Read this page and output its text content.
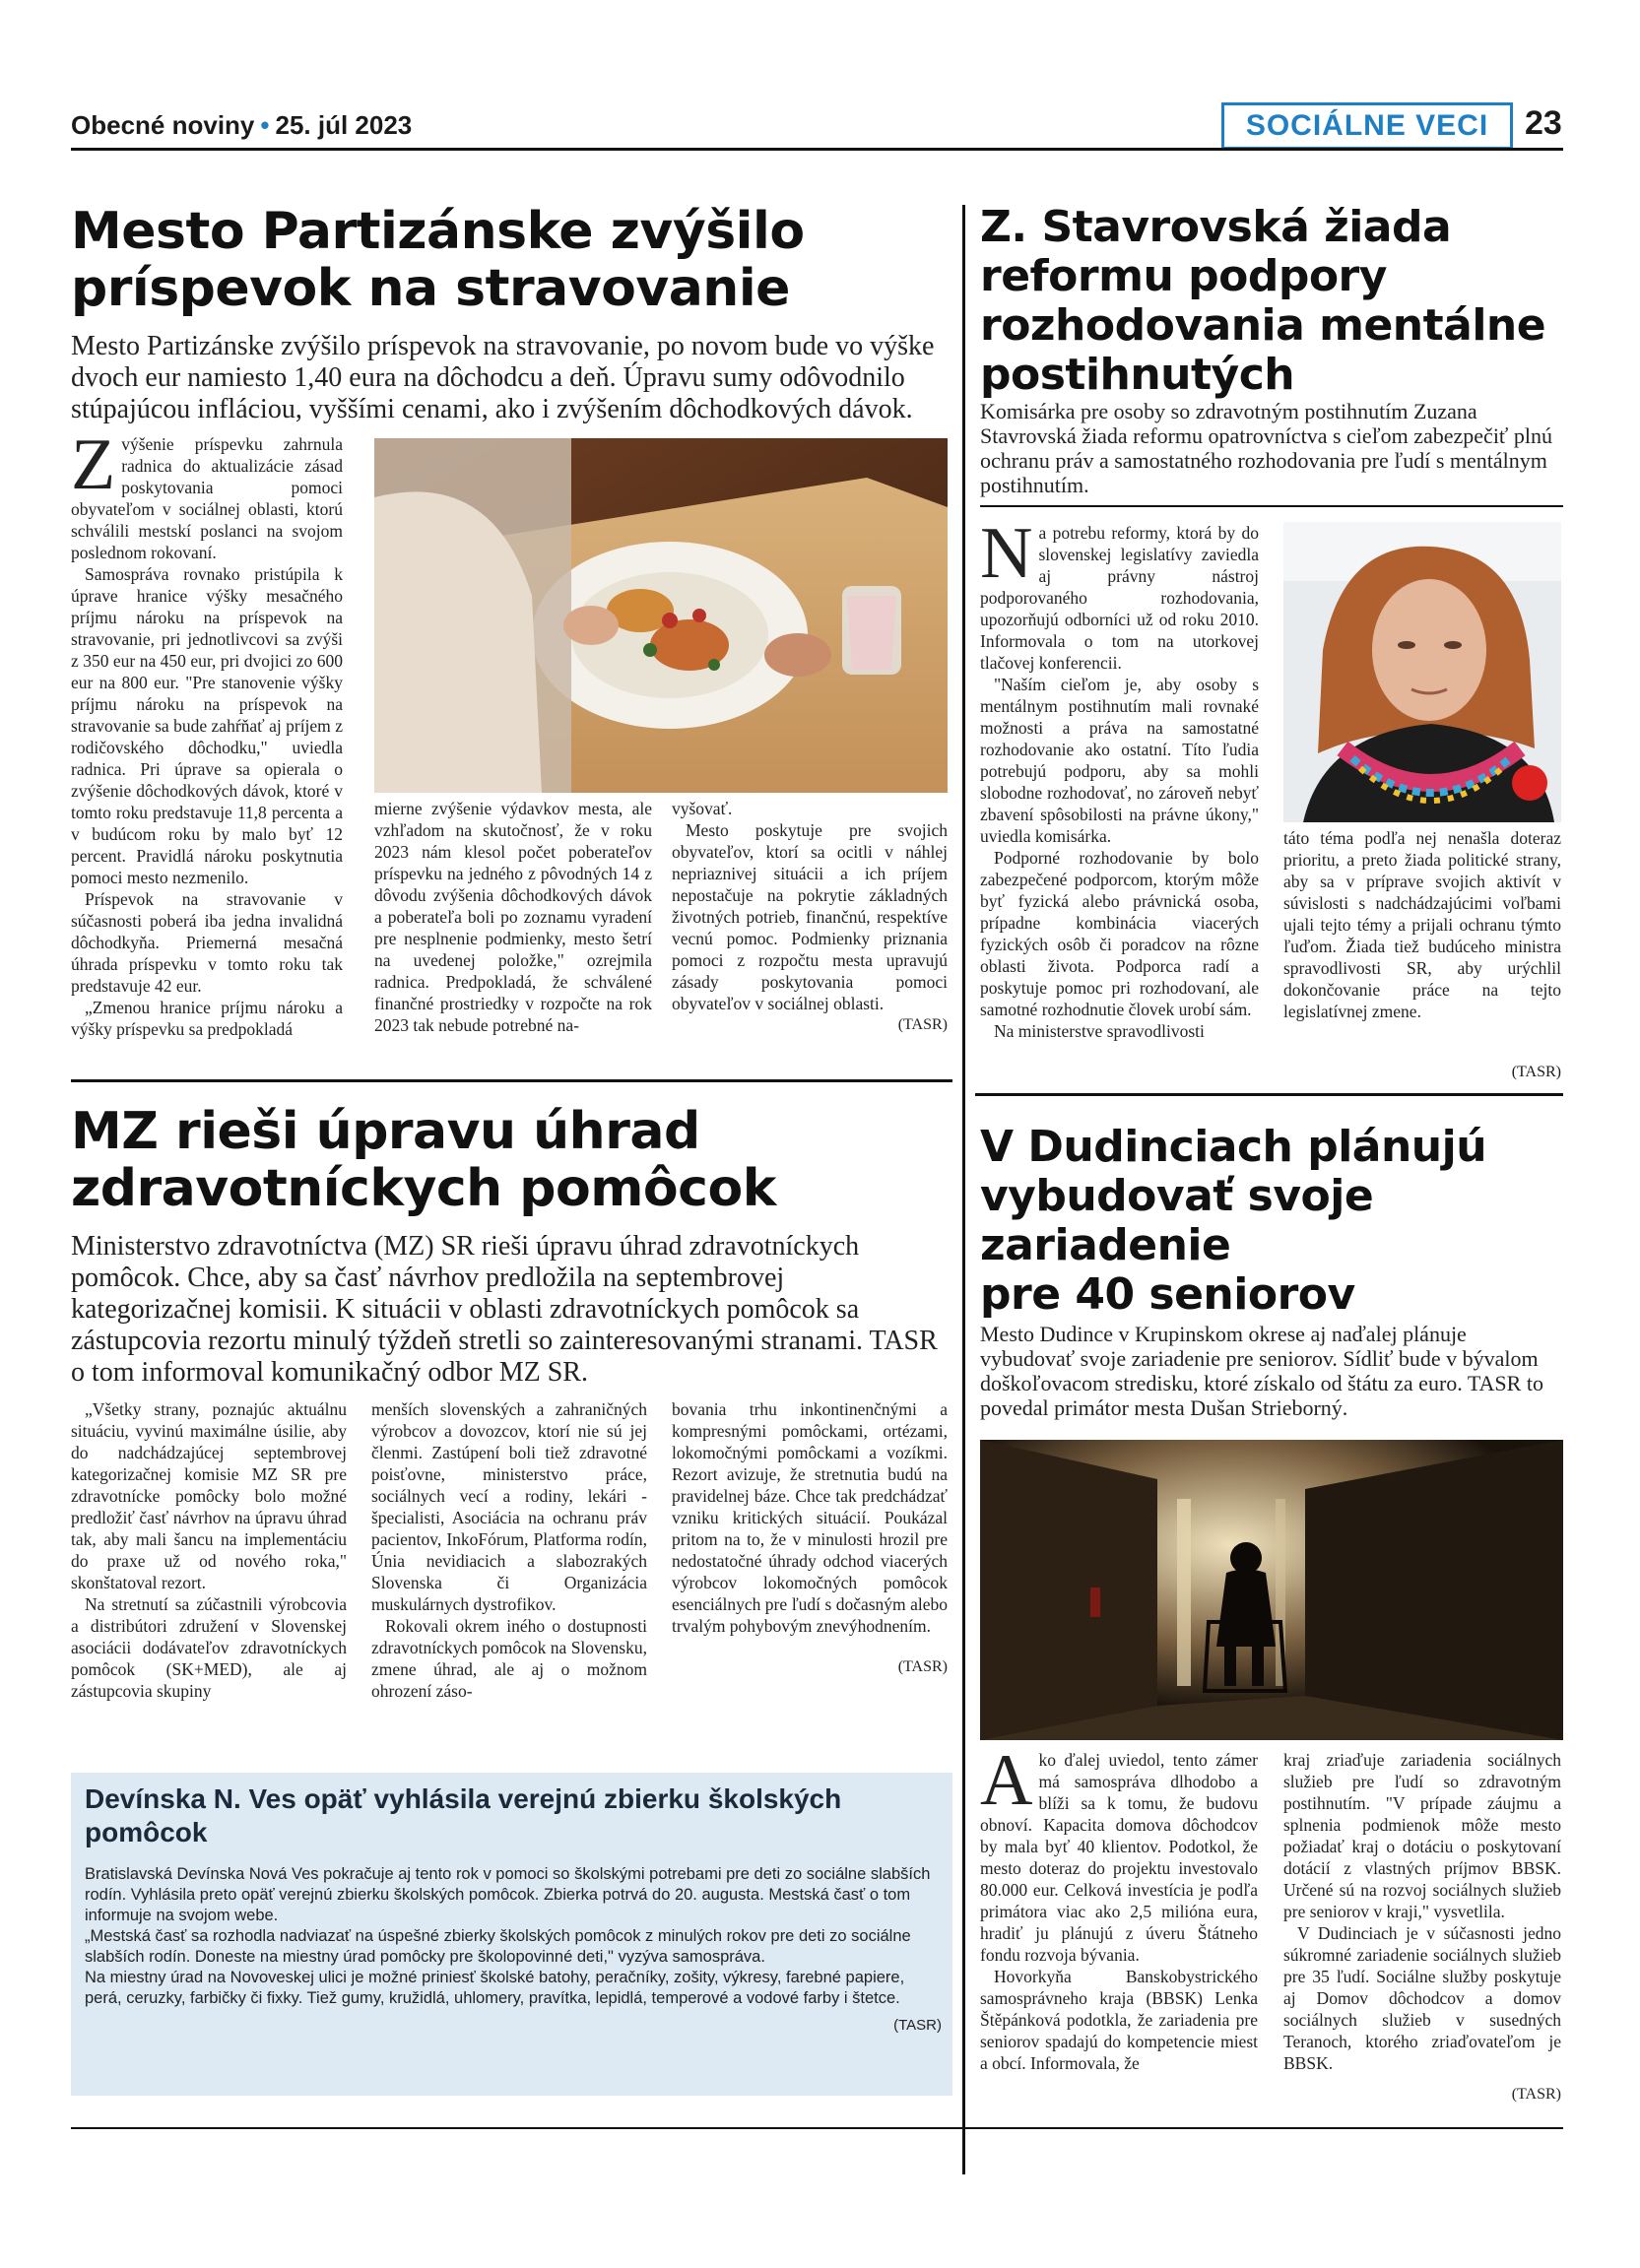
Obecné noviny • 25. júl 2023	SOCIÁLNE VECI	23
Mesto Partizánske zvýšilo
príspevok na stravovanie
Mesto Partizánske zvýšilo príspevok na stravovanie, po novom bude vo výške dvoch eur namiesto 1,40 eura na dôchodcu a deň. Úpravu sumy odôvodnilo stúpajúcou infláciou, vyššími cenami, ako i zvýšením dôchodkových dávok.

Zvýšenie príspevku zahrnula radnica do aktualizácie zásad poskytovania pomoci obyvateľom v sociálnej oblasti, ktorú schválili mestskí poslanci na svojom poslednom rokovaní.

Samospráva rovnako pristúpila k úprave hranice výšky mesačného príjmu nároku na príspevok na stravovanie, pri jednotlivcovi sa zvýši z 350 eur na 450 eur, pri dvojici zo 600 eur na 800 eur. "Pre stanovenie výšky príjmu nároku na príspevok na stravovanie sa bude zahŕňať aj príjem z rodičovského dôchodku," uviedla radnica. Pri úprave sa opierala o zvýšenie dôchodkových dávok, ktoré v tomto roku predstavuje 11,8 percenta a v budúcom roku by malo byť 12 percent. Pravidlá nároku poskytnutia pomoci mesto nezmenilo.

Príspevok na stravovanie v súčasnosti poberá iba jedna invalidná dôchodkyňa. Priemerná mesačná úhrada príspevku v tomto roku tak predstavuje 42 eur.

„Zmenou hranice príjmu nároku a výšky príspevku sa predpokladá

mierne zvýšenie výdavkov mesta, ale vzhľadom na skutočnosť, že v roku 2023 nám klesol počet poberateľov príspevku na jedného z pôvodných 14 z dôvodu zvýšenia dôchodkových dávok a poberateľa boli po zoznamu vyradení pre nesplnenie podmienky, mesto šetrí na uvedenej položke," ozrejmila radnica. Predpokladá, že schválené finančné prostriedky v rozpočte na rok 2023 tak nebude potrebné na-

vyšovať.

Mesto poskytuje pre svojich obyvateľov, ktorí sa ocitli v náhlej nepriaznivej situácii a ich príjem nepostačuje na pokrytie základných životných potrieb, finančnú, respektíve vecnú pomoc. Podmienky priznania pomoci z rozpočtu mesta upravujú zásady poskytovania pomoci obyvateľov v sociálnej oblasti.

(TASR)
Z. Stavrovská žiada
reformu podpory
rozhodovania mentálne
postihnutých
Komisárka pre osoby so zdravotným postihnutím Zuzana Stavrovská žiada reformu opatrovníctva s cieľom zabezpečiť plnú ochranu práv a samostatného rozhodovania pre ľudí s mentálnym postihnutím.

Na potrebu reformy, ktorá by do slovenskej legislatívy zaviedla aj právny nástroj podporovaného rozhodovania, upozorňujú odborníci už od roku 2010. Informovala o tom na utorkovej tlačovej konferencii.

"Naším cieľom je, aby osoby s mentálnym postihnutím mali rovnaké možnosti a práva na samostatné rozhodovanie ako ostatní. Títo ľudia potrebujú podporu, aby sa mohli slobodne rozhodovať, no zároveň nebyť zbavení spôsobilosti na právne úkony," uviedla komisárka.

Podporné rozhodovanie by bolo zabezpečené podporcom, ktorým môže byť fyzická alebo právnická osoba, prípadne kombinácia viacerých fyzických osôb či poradcov na rôzne oblasti života. Podporca radí a poskytuje pomoc pri rozhodovaní, ale samotné rozhodnutie človek urobí sám.

Na ministerstve spravodlivosti

táto téma podľa nej nenašla doteraz prioritu, a preto žiada politické strany, aby sa v príprave svojich aktivít v súvislosti s nadchádzajúcimi voľbami ujali tejto témy a prijali ochranu týmto ľuďom. Žiada tiež budúceho ministra spravodlivosti SR, aby urýchlil dokončovanie práce na tejto legislatívnej zmene.

(TASR)
MZ rieši úpravu úhrad
zdravotníckych pomôcok
Ministerstvo zdravotníctva (MZ) SR rieši úpravu úhrad zdravotníckych pomôcok. Chce, aby sa časť návrhov predložila na septembrovej kategorizačnej komisii. K situácii v oblasti zdravotníckych pomôcok sa zástupcovia rezortu minulý týždeň stretli so zainteresovanými stranami. TASR o tom informoval komunikačný odbor MZ SR.

„Všetky strany, poznajúc aktuálnu situáciu, vyvinú maximálne úsilie, aby do nadchádzajúcej septembrovej kategorizačnej komisie MZ SR pre zdravotnícke pomôcky bolo možné predložiť časť návrhov na úpravu úhrad tak, aby mali šancu na implementáciu do praxe už od nového roka," skonštatoval rezort.

Na stretnutí sa zúčastnili výrobcovia a distribútori združení v Slovenskej asociácii dodávateľov zdravotníckych pomôcok (SK+MED), ale aj zástupcovia skupiny

menších slovenských a zahraničných výrobcov a dovozcov, ktorí nie sú jej členmi. Zastúpení boli tiež zdravotné poisťovne, ministerstvo práce, sociálnych vecí a rodiny, lekári - špecialisti, Asociácia na ochranu práv pacientov, InkoFórum, Platforma rodín, Únia nevidiacich a slabozrakých Slovenska či Organizácia muskulárnych dystrofikov.

Rokovali okrem iného o dostupnosti zdravotníckych pomôcok na Slovensku, zmene úhrad, ale aj o možnom ohrození záso-

bovania trhu inkontinenčnými a kompresnými pomôckami, ortézami, lokomočnými pomôckami a vozíkmi. Rezort avizuje, že stretnutia budú na pravidelnej báze. Chce tak predchádzať vzniku kritických situácií. Poukázal pritom na to, že v minulosti hrozil pre nedostatočné úhrady odchod viacerých výrobcov lokomočných pomôcok esenciálnych pre ľudí s dočasným alebo trvalým pohybovým znevýhodnením.

(TASR)
V Dudinciach plánujú
vybudovať svoje
zariadenie
pre 40 seniorov
Mesto Dudince v Krupinskom okrese aj naďalej plánuje vybudovať svoje zariadenie pre seniorov. Sídliť bude v bývalom doškoľovacom stredisku, ktoré získalo od štátu za euro. TASR to povedal primátor mesta Dušan Strieborný.

Ako ďalej uviedol, tento zámer má samospráva dlhodobo a blíži sa k tomu, že budovu obnoví. Kapacita domova dôchodcov by mala byť 40 klientov. Podotkol, že mesto doteraz do projektu investovalo 80.000 eur. Celková investícia je podľa primátora viac ako 2,5 milióna eura, hradiť ju plánujú z úveru Štátneho fondu rozvoja bývania.

Hovorkyňa Banskobystrického samosprávneho kraja (BBSK) Lenka Štěpánková podotkla, že zariadenia pre seniorov spadajú do kompetencie miest a obcí. Informovala, že

kraj zriaďuje zariadenia sociálnych služieb pre ľudí so zdravotným postihnutím. "V prípade záujmu a splnenia podmienok môže mesto požiadať kraj o dotáciu o poskytovaní dotácií z vlastných príjmov BBSK. Určené sú na rozvoj sociálnych služieb pre seniorov v kraji," vysvetlila.

V Dudinciach je v súčasnosti jedno súkromné zariadenie sociálnych služieb pre 35 ľudí. Sociálne služby poskytuje aj Domov dôchodcov a domov sociálnych služieb v susedných Teranoch, ktorého zriaďovateľom je BBSK.

(TASR)
Devínska N. Ves opäť vyhlásila verejnú zbierku školských pomôcok

Bratislavská Devínska Nová Ves pokračuje aj tento rok v pomoci so školskými potrebami pre deti zo sociálne slabších rodín. Vyhlásila preto opäť verejnú zbierku školských pomôcok. Zbierka potrvá do 20. augusta. Mestská časť o tom informuje na svojom webe.

„Mestská časť sa rozhodla nadviazať na úspešné zbierky školských pomôcok z minulých rokov pre deti zo sociálne slabších rodín. Doneste na miestny úrad pomôcky pre školopovinné deti," vyzýva samospráva.

Na miestny úrad na Novoveskej ulici je možné priniesť školské batohy, peračníky, zošity, výkresy, farebné papiere, perá, ceruzky, farbičky či fixky. Tiež gumy, kružidlá, uhlomery, pravítka, lepidlá, temperové a vodové farby i štetce.

(TASR)
